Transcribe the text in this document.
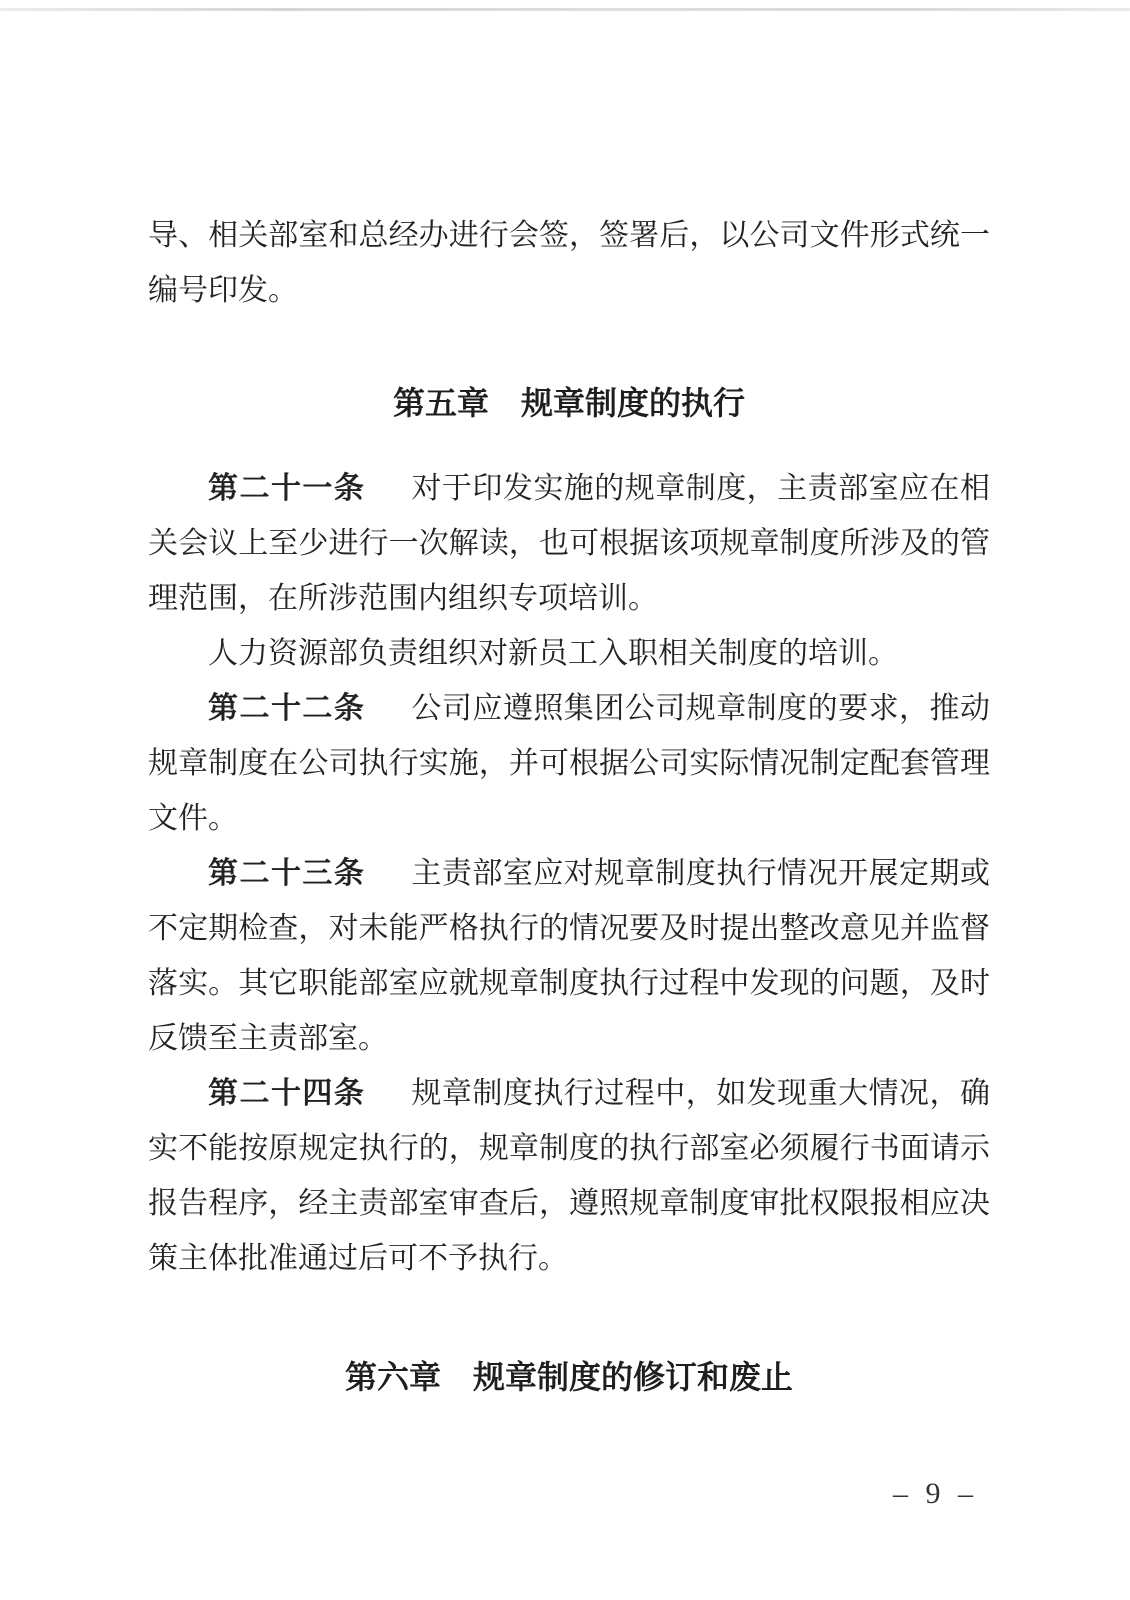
导、相关部室和总经办进行会签，签署后，以公司文件形式统一编号印发。

第五章　规章制度的执行

第二十一条 对于印发实施的规章制度，主责部室应在相关会议上至少进行一次解读，也可根据该项规章制度所涉及的管理范围，在所涉范围内组织专项培训。

人力资源部负责组织对新员工入职相关制度的培训。

第二十二条 公司应遵照集团公司规章制度的要求，推动规章制度在公司执行实施，并可根据公司实际情况制定配套管理文件。

第二十三条 主责部室应对规章制度执行情况开展定期或不定期检查，对未能严格执行的情况要及时提出整改意见并监督落实。其它职能部室应就规章制度执行过程中发现的问题，及时反馈至主责部室。

第二十四条 规章制度执行过程中，如发现重大情况，确实不能按原规定执行的，规章制度的执行部室必须履行书面请示报告程序，经主责部室审查后，遵照规章制度审批权限报相应决策主体批准通过后可不予执行。

第六章　规章制度的修订和废止
– 9 –
